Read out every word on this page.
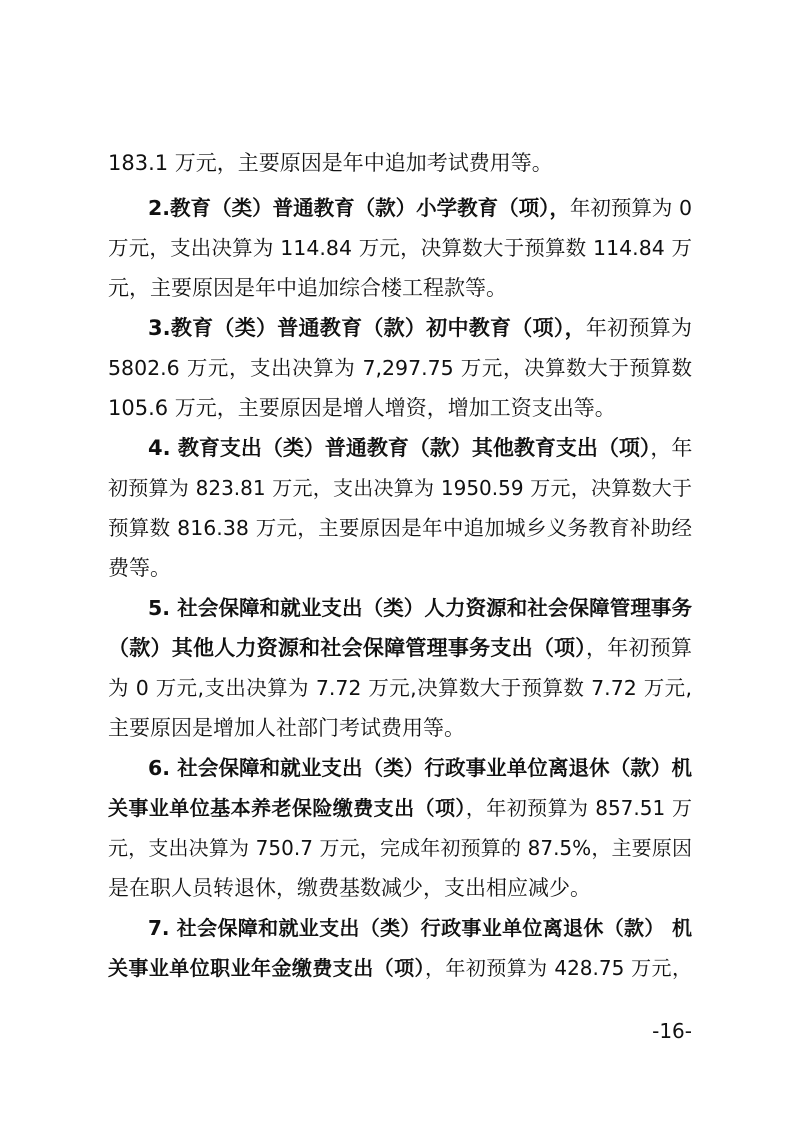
183.1 万元，主要原因是年中追加考试费用等。
2.教育（类）普通教育（款）小学教育（项），年初预算为 0
万元，支出决算为 114.84 万元，决算数大于预算数 114.84 万
元，主要原因是年中追加综合楼工程款等。
3.教育（类）普通教育（款）初中教育（项），年初预算为
5802.6 万元，支出决算为 7,297.75 万元，决算数大于预算数
105.6 万元，主要原因是增人增资，增加工资支出等。
4. 教育支出（类）普通教育（款）其他教育支出（项），年
初预算为 823.81 万元，支出决算为 1950.59 万元，决算数大于
预算数 816.38 万元，主要原因是年中追加城乡义务教育补助经
费等。
5. 社会保障和就业支出（类）人力资源和社会保障管理事务
（款）其他人力资源和社会保障管理事务支出（项），年初预算
为 0 万元,支出决算为 7.72 万元,决算数大于预算数 7.72 万元,
主要原因是增加人社部门考试费用等。
6. 社会保障和就业支出（类）行政事业单位离退休（款）机
关事业单位基本养老保险缴费支出（项），年初预算为 857.51 万
元，支出决算为 750.7 万元，完成年初预算的 87.5%，主要原因
是在职人员转退休，缴费基数减少，支出相应减少。
7. 社会保障和就业支出（类）行政事业单位离退休（款） 机
关事业单位职业年金缴费支出（项），年初预算为 428.75 万元，
-16-
